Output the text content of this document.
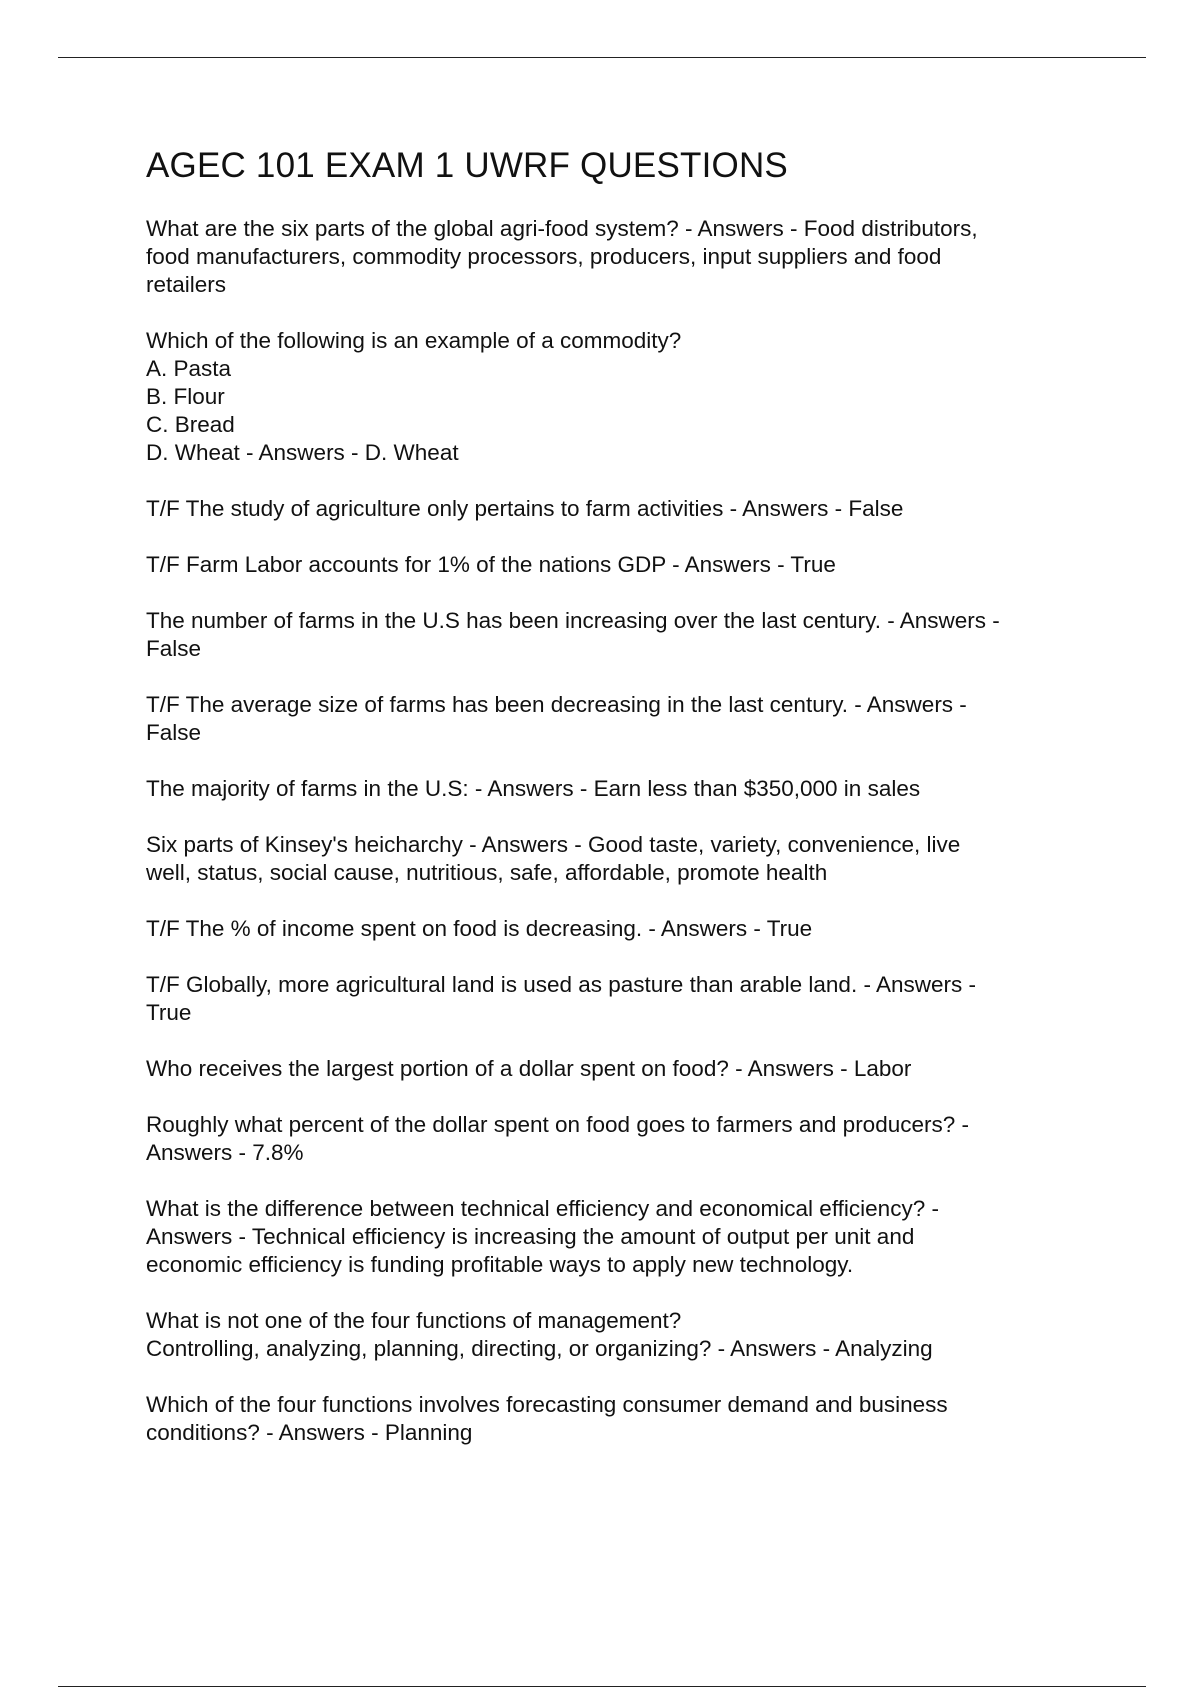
AGEC 101 EXAM 1 UWRF QUESTIONS

What are the six parts of the global agri-food system? - Answers - Food distributors,
food manufacturers, commodity processors, producers, input suppliers and food
retailers

Which of the following is an example of a commodity?
A. Pasta
B. Flour
C. Bread
D. Wheat - Answers - D. Wheat

T/F The study of agriculture only pertains to farm activities - Answers - False

T/F Farm Labor accounts for 1% of the nations GDP - Answers - True

The number of farms in the U.S has been increasing over the last century. - Answers -
False

T/F The average size of farms has been decreasing in the last century. - Answers -
False

The majority of farms in the U.S: - Answers - Earn less than $350,000 in sales

Six parts of Kinsey's heicharchy - Answers - Good taste, variety, convenience, live
well, status, social cause, nutritious, safe, affordable, promote health

T/F The % of income spent on food is decreasing. - Answers - True

T/F Globally, more agricultural land is used as pasture than arable land. - Answers -
True

Who receives the largest portion of a dollar spent on food? - Answers - Labor

Roughly what percent of the dollar spent on food goes to farmers and producers? -
Answers - 7.8%

What is the difference between technical efficiency and economical efficiency? -
Answers - Technical efficiency is increasing the amount of output per unit and
economic efficiency is funding profitable ways to apply new technology.

What is not one of the four functions of management?
Controlling, analyzing, planning, directing, or organizing? - Answers - Analyzing

Which of the four functions involves forecasting consumer demand and business
conditions? - Answers - Planning
